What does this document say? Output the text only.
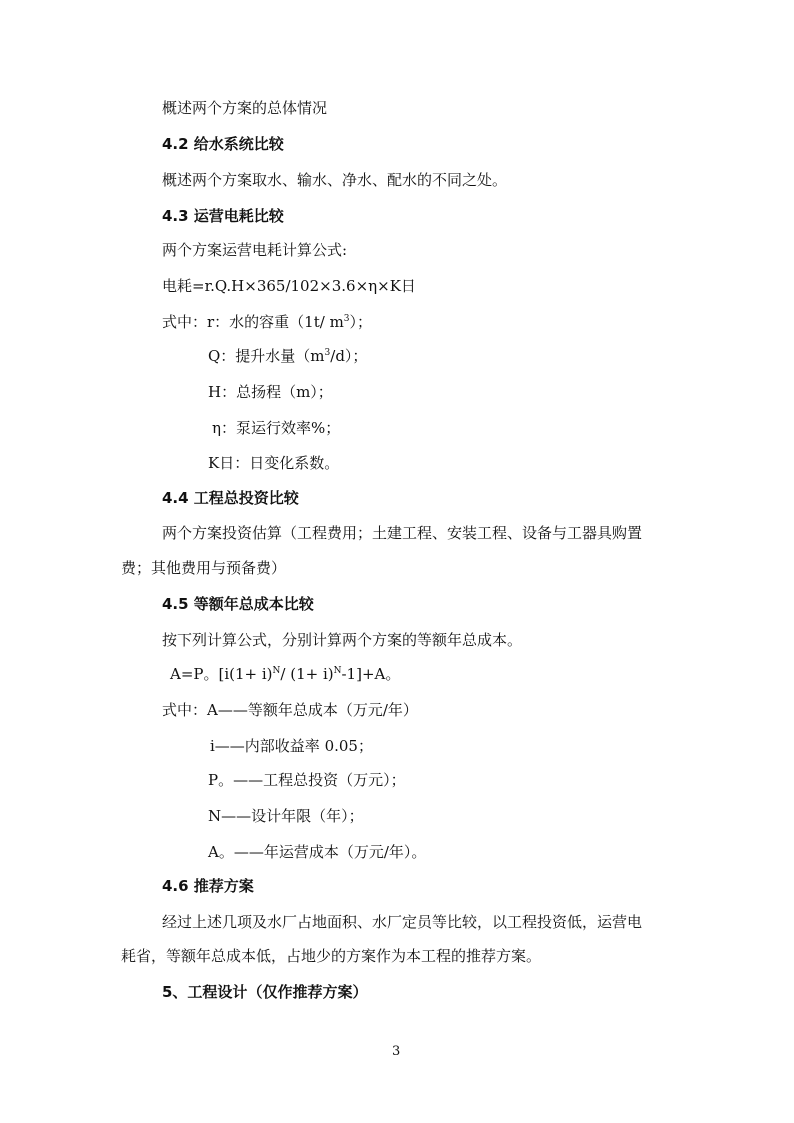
概述两个方案的总体情况

4.2 给水系统比较

概述两个方案取水、输水、净水、配水的不同之处。

4.3 运营电耗比较

两个方案运营电耗计算公式:

电耗=r.Q.H×365/102×3.6×η×K日

式中：r：水的容重（1t/ $m^3$）；

Q：提升水量$(m^3/d)$；

H：总扬程（m）；

η：泵运行效率%；

K日：日变化系数。

4.4 工程总投资比较

两个方案投资估算（工程费用；土建工程、安装工程、设备与工器具购置

费；其他费用与预备费）

4.5 等额年总成本比较

按下列计算公式，分别计算两个方案的等额年总成本。

A=P。[$i(1+ i)^N/$ $(1+ i)^N-1]+A$。

式中：A——等额年总成本（万元/年）

i——内部收益率 0.05；

P。——工程总投资（万元）；

N——设计年限（年）；

A。——年运营成本（万元/年）。

4.6 推荐方案

经过上述几项及水厂占地面积、水厂定员等比较，以工程投资低，运营电

耗省，等额年总成本低，占地少的方案作为本工程的推荐方案。

5、工程设计（仅作推荐方案）

3
